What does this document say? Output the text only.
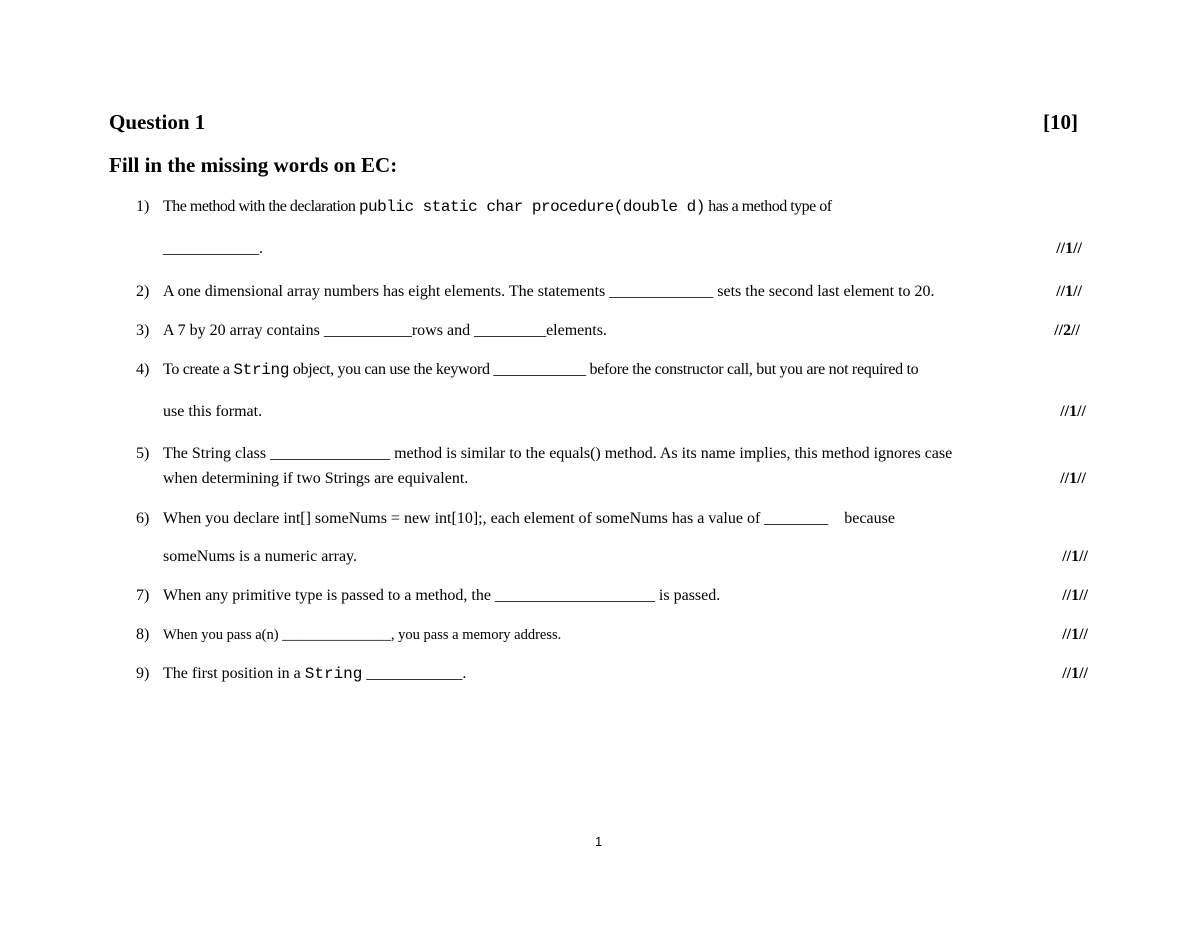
Question 1	[10]
Fill in the missing words on EC:
1) The method with the declaration public static char procedure(double d) has a method type of
____________.	//1//
2) A one dimensional array numbers has eight elements. The statements _____________ sets the second last element to 20.	//1//
3) A 7 by 20 array contains ___________rows and _________elements.	//2//
4) To create a String object, you can use the keyword ____________ before the constructor call, but you are not required to
use this format.	//1//
5) The String class _______________ method is similar to the equals() method. As its name implies, this method ignores case
when determining if two Strings are equivalent.	//1//
6) When you declare int[] someNums = new int[10];, each element of someNums has a value of ________    because
someNums is a numeric array.	//1//
7) When any primitive type is passed to a method, the ____________________ is passed.	//1//
8) When you pass a(n) _______________, you pass a memory address.	//1//
9) The first position in a String ____________.	//1//
1
